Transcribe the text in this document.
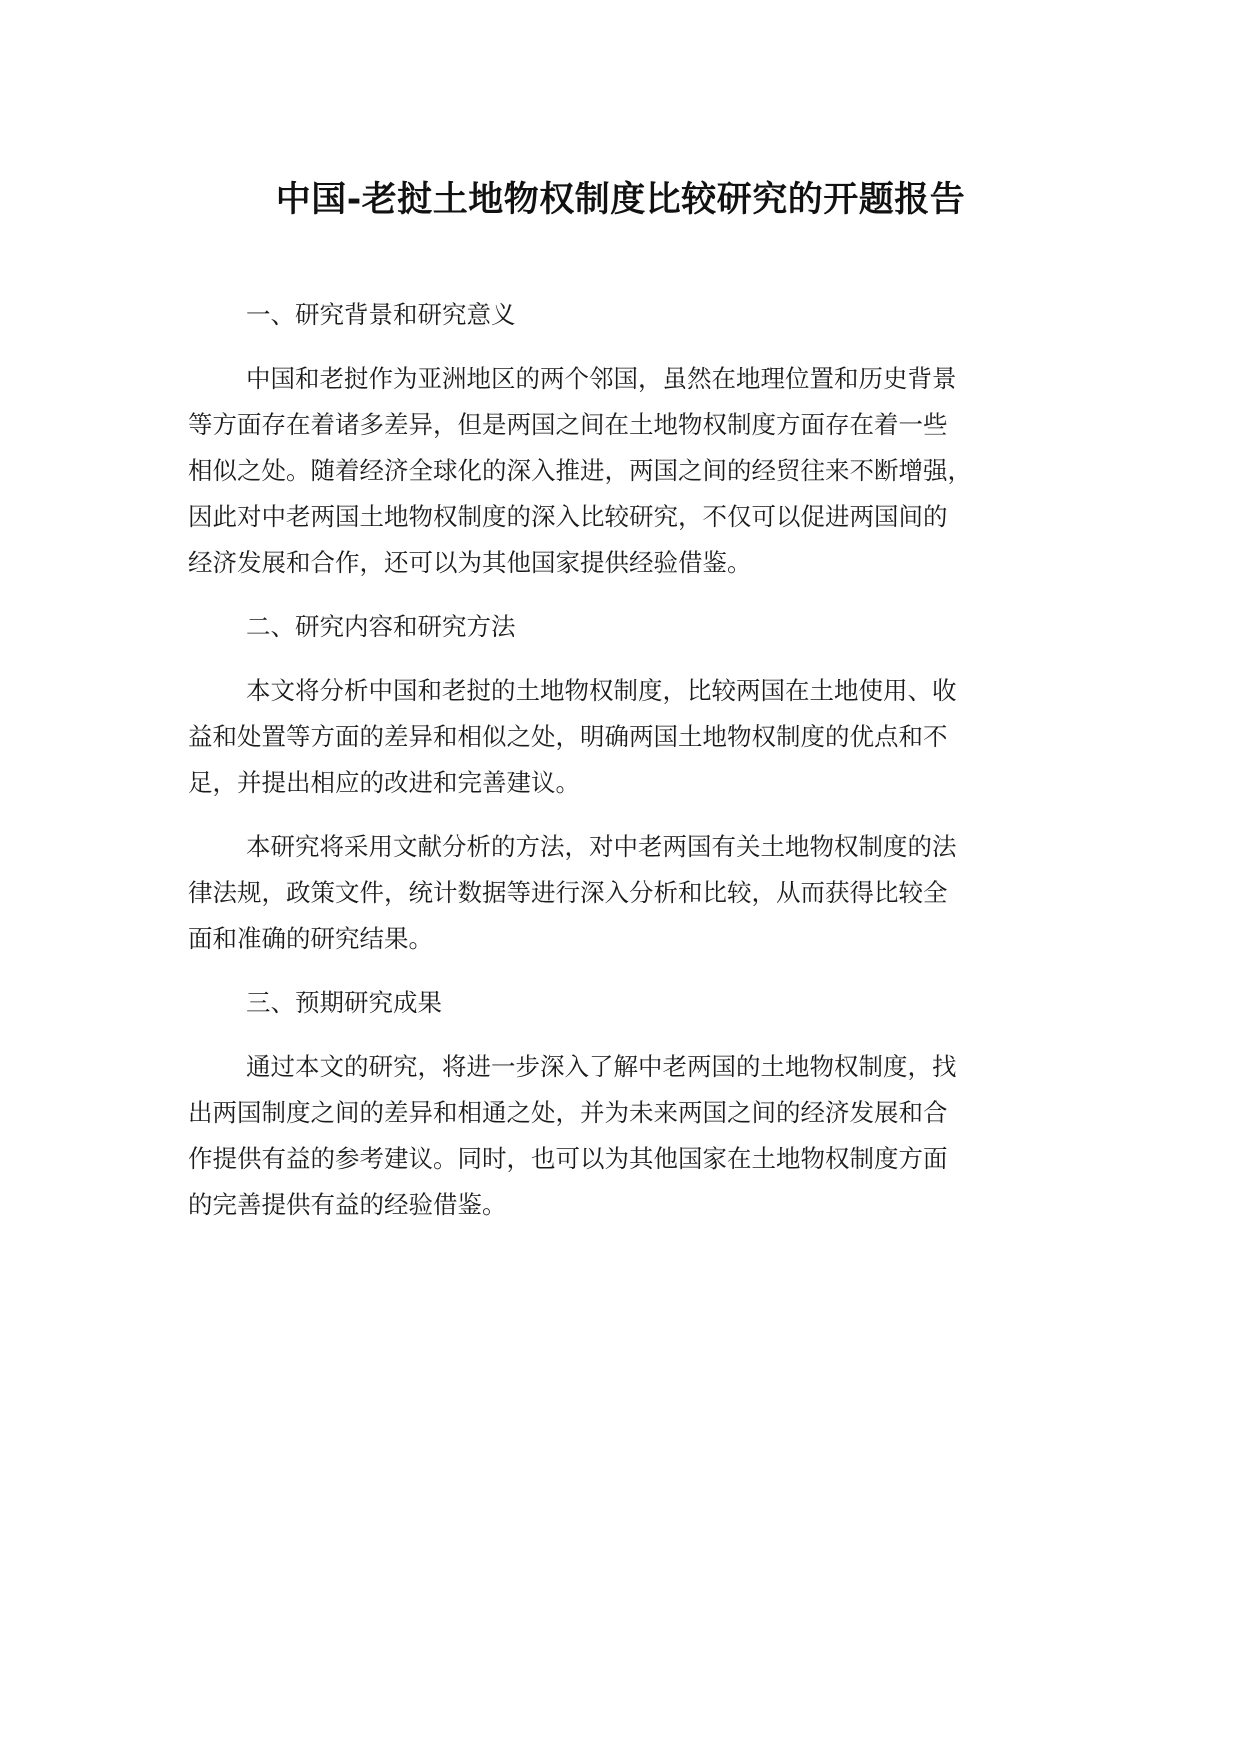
中国-老挝土地物权制度比较研究的开题报告
一、研究背景和研究意义
中国和老挝作为亚洲地区的两个邻国，虽然在地理位置和历史背景
等方面存在着诸多差异，但是两国之间在土地物权制度方面存在着一些
相似之处。随着经济全球化的深入推进，两国之间的经贸往来不断增强，
因此对中老两国土地物权制度的深入比较研究，不仅可以促进两国间的
经济发展和合作，还可以为其他国家提供经验借鉴。
二、研究内容和研究方法
本文将分析中国和老挝的土地物权制度，比较两国在土地使用、收
益和处置等方面的差异和相似之处，明确两国土地物权制度的优点和不
足，并提出相应的改进和完善建议。
本研究将采用文献分析的方法，对中老两国有关土地物权制度的法
律法规，政策文件，统计数据等进行深入分析和比较，从而获得比较全
面和准确的研究结果。
三、预期研究成果
通过本文的研究，将进一步深入了解中老两国的土地物权制度，找
出两国制度之间的差异和相通之处，并为未来两国之间的经济发展和合
作提供有益的参考建议。同时，也可以为其他国家在土地物权制度方面
的完善提供有益的经验借鉴。
